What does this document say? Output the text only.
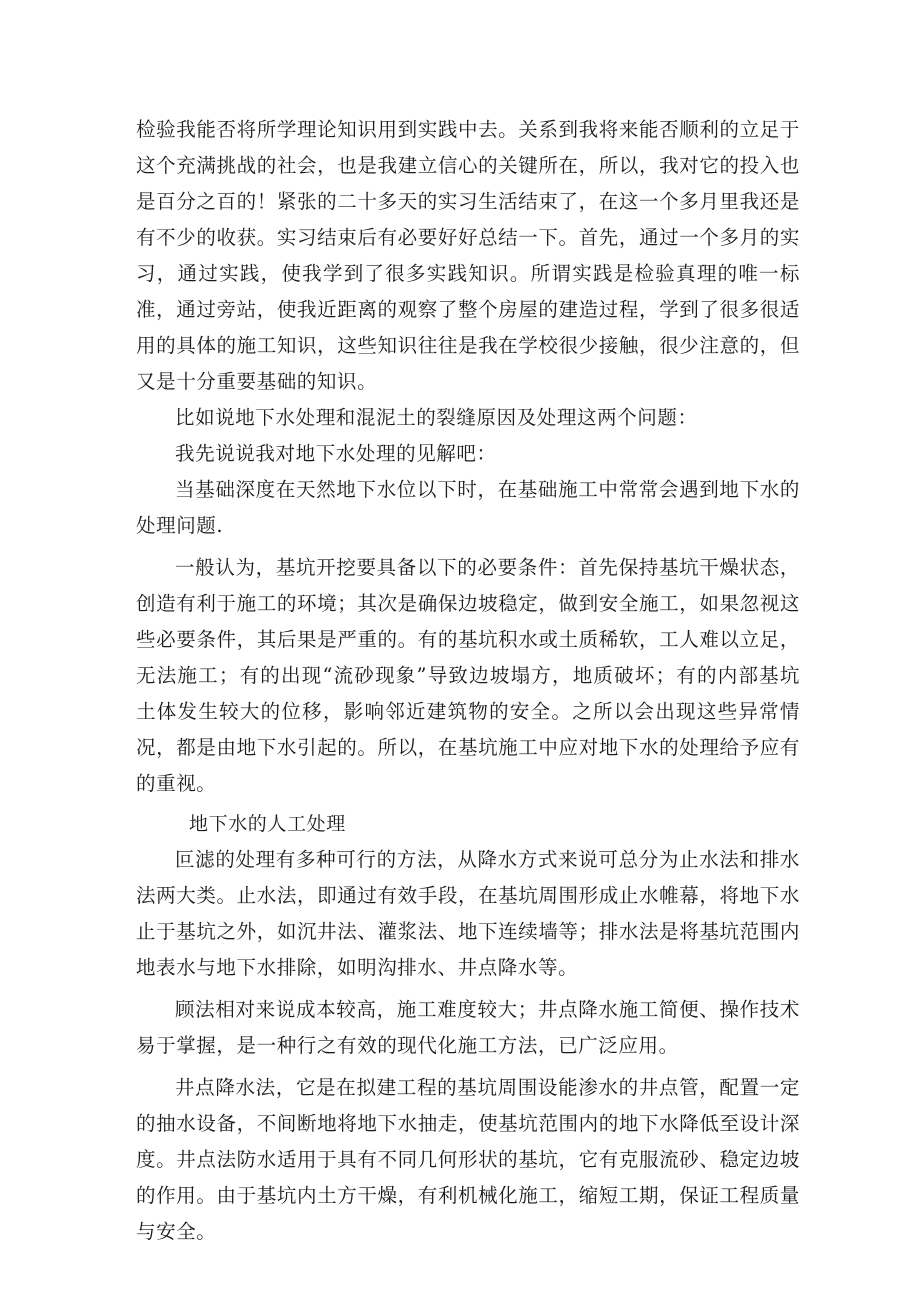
检验我能否将所学理论知识用到实践中去。关系到我将来能否顺利的立足于这个充满挑战的社会，也是我建立信心的关键所在，所以，我对它的投入也是百分之百的！紧张的二十多天的实习生活结束了，在这一个多月里我还是有不少的收获。实习结束后有必要好好总结一下。首先，通过一个多月的实习，通过实践，使我学到了很多实践知识。所谓实践是检验真理的唯一标准，通过旁站，使我近距离的观察了整个房屋的建造过程，学到了很多很适用的具体的施工知识，这些知识往往是我在学校很少接触，很少注意的，但又是十分重要基础的知识。

比如说地下水处理和混泥土的裂缝原因及处理这两个问题：

我先说说我对地下水处理的见解吧：

当基础深度在天然地下水位以下时，在基础施工中常常会遇到地下水的处理问题.

一般认为，基坑开挖要具备以下的必要条件：首先保持基坑干燥状态，创造有利于施工的环境；其次是确保边坡稳定，做到安全施工，如果忽视这些必要条件，其后果是严重的。有的基坑积水或土质稀软，工人难以立足，无法施工；有的出现“流砂现象”导致边坡塌方，地质破坏；有的内部基坑土体发生较大的位移，影响邻近建筑物的安全。之所以会出现这些异常情况，都是由地下水引起的。所以，在基坑施工中应对地下水的处理给予应有的重视。

地下水的人工处理

叵滤的处理有多种可行的方法，从降水方式来说可总分为止水法和排水法两大类。止水法，即通过有效手段，在基坑周围形成止水帷幕，将地下水止于基坑之外，如沉井法、灌浆法、地下连续墙等；排水法是将基坑范围内地表水与地下水排除，如明沟排水、井点降水等。

顾法相对来说成本较高，施工难度较大；井点降水施工简便、操作技术易于掌握，是一种行之有效的现代化施工方法，已广泛应用。

井点降水法，它是在拟建工程的基坑周围设能渗水的井点管，配置一定的抽水设备，不间断地将地下水抽走，使基坑范围内的地下水降低至设计深度。井点法防水适用于具有不同几何形状的基坑，它有克服流砂、稳定边坡的作用。由于基坑内土方干燥，有利机械化施工，缩短工期，保证工程质量与安全。
